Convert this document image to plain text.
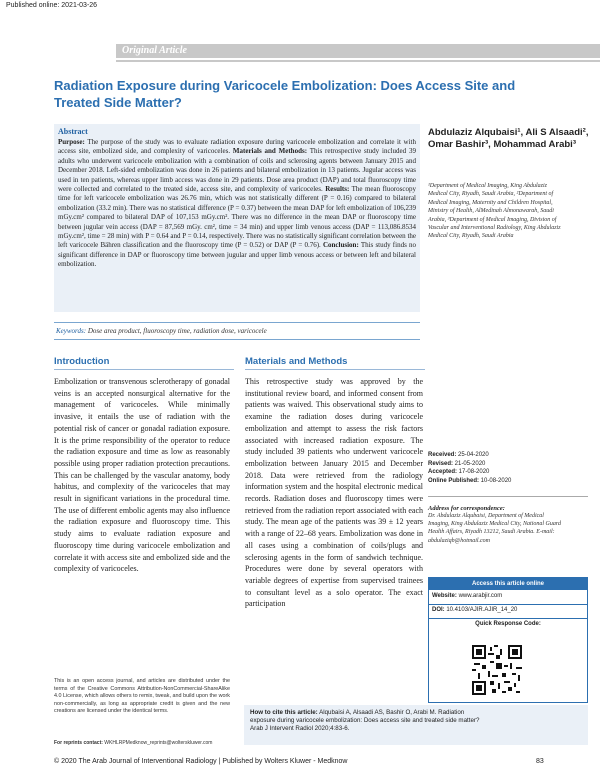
Published online: 2021-03-26
Original Article
Radiation Exposure during Varicocele Embolization: Does Access Site and Treated Side Matter?
Abstract
Purpose: The purpose of the study was to evaluate radiation exposure during varicocele embolization and correlate it with access site, embolized side, and complexity of varicoceles. Materials and Methods: This retrospective study included 39 adults who underwent varicocele embolization with a combination of coils and sclerosing agents between January 2015 and December 2018. Left-sided embolization was done in 26 patients and bilateral embolization in 13 patients. Jugular access was used in ten patients, whereas upper limb access was done in 29 patients. Dose area product (DAP) and total fluoroscopy time were collected and correlated to the treated side, access site, and complexity of varicoceles. Results: The mean fluoroscopy time for left varicocele embolization was 26.76 min, which was not statistically different (P = 0.16) compared to bilateral embolization (33.2 min). There was no statistical difference (P = 0.37) between the mean DAP for left embolization of 106,239 mGy.cm² compared to bilateral DAP of 107,153 mGy.cm². There was no difference in the mean DAP or fluoroscopy time between jugular vein access (DAP = 87,569 mGy. cm², time = 34 min) and upper limb venous access (DAP = 113,086.8534 mGy.cm², time = 28 min) with P = 0.64 and P = 0.14, respectively. There was no statistically significant correlation between the left varicocele Bähren classification and the fluoroscopy time (P = 0.52) or DAP (P = 0.76). Conclusion: This study finds no significant difference in DAP or fluoroscopy time between jugular and upper limb venous access or between left and bilateral embolization.
Keywords: Dose area product, fluoroscopy time, radiation dose, varicocele
Abdulaziz Alqubaisi¹, Ali S Alsaadi², Omar Bashir³, Mohammad Arabi³
¹Department of Medical Imaging, King Abdulaziz Medical City, Riyadh, Saudi Arabia, ²Department of Medical Imaging, Maternity and Children Hospital, Ministry of Health, AlMedinah Almonawarah, Saudi Arabia, ³Department of Medical Imaging, Division of Vascular and Interventional Radiology, King Abdulaziz Medical City, Riyadh, Saudi Arabia
Introduction

Embolization or transvenous sclerotherapy of gonadal veins is an accepted nonsurgical alternative for the management of varicoceles. While minimally invasive, it entails the use of radiation with the potential risk of cancer or gonadal radiation exposure. It is the prime responsibility of the operator to reduce the radiation exposure and time as low as reasonably possible using proper radiation protection precautions. This can be challenged by the vascular anatomy, body habitus, and complexity of the varicoceles that may result in significant variations in the procedural time. The use of different embolic agents may also influence the radiation exposure and fluoroscopy time. This study aims to evaluate radiation exposure and fluoroscopy time during varicocele embolization and correlate it with access site and embolized side and the complexity of varicoceles.

Materials and Methods

This retrospective study was approved by the institutional review board, and informed consent from patients was waived. This observational study aims to examine the radiation doses during varicocele embolization and attempt to assess the risk factors associated with increased radiation exposure. The study included 39 patients who underwent varicocele embolization between January 2015 and December 2018. Data were retrieved from the radiology information system and the hospital electronic medical records. Radiation doses and fluoroscopy times were retrieved from the radiation report associated with each study. The mean age of the patients was 39 ± 12 years with a range of 22–68 years. Embolization was done in all cases using a combination of coils/plugs and sclerosing agents in the form of sandwich technique. Procedures were done by several operators with variable degrees of expertise from supervised trainees to consultant level as a solo operator. The exact participation

Received: 25-04-2020
Revised: 21-05-2020
Accepted: 17-08-2020
Online Published: 10-08-2020
Address for correspondence:
Dr. Abdulaziz Alqubaisi, Department of Medical Imaging, King Abdulaziz Medical City, National Guard Health Affairs, Riyadh 13212, Saudi Arabia. E-mail: abdulaziqb@hotmail.com
Access this article online
Website: www.arabjir.com
DOI: 10.4103/AJIR.AJIR_14_20
Quick Response Code:
This is an open access journal, and articles are distributed under the terms of the Creative Commons Attribution-NonCommercial-ShareAlike 4.0 License, which allows others to remix, tweak, and build upon the work non-commercially, as long as appropriate credit is given and the new creations are licensed under the identical terms.
For reprints contact: WKHLRPMedknow_reprints@wolterskluwer.com
How to cite this article: Alqubaisi A, Alsaadi AS, Bashir O, Arabi M. Radiation exposure during varicocele embolization: Does access site and treated side matter? Arab J Intervent Radiol 2020;4:83-6.
© 2020 The Arab Journal of Interventional Radiology | Published by Wolters Kluwer - Medknow	83
